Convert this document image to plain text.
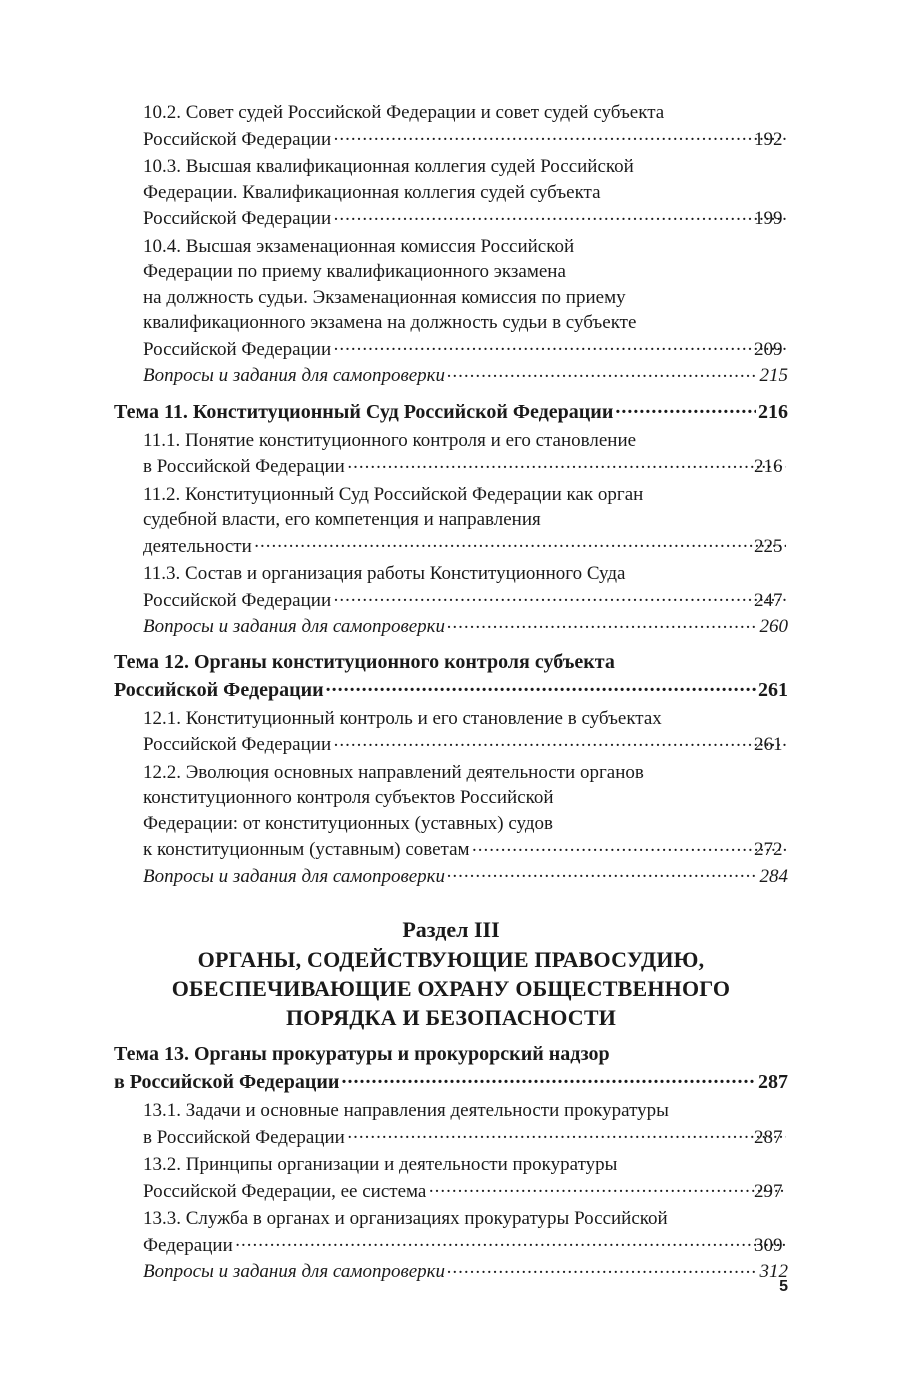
10.2. Совет судей Российской Федерации и совет судей субъекта
Российской Федерации .....	192
10.3. Высшая квалификационная коллегия судей Российской
Федерации. Квалификационная коллегия судей субъекта
Российской Федерации .....	199
10.4. Высшая экзаменационная комиссия Российской
Федерации по приему квалификационного экзамена
на должность судьи. Экзаменационная комиссия по приему
квалификационного экзамена на должность судьи в субъекте
Российской Федерации .....	209
Вопросы и задания для самопроверки .....	215
Тема 11. Конституционный Суд Российской Федерации .....	216
11.1. Понятие конституционного контроля и его становление
в Российской Федерации .....	216
11.2. Конституционный Суд Российской Федерации как орган
судебной власти, его компетенция и направления
деятельности .....	225
11.3. Состав и организация работы Конституционного Суда
Российской Федерации .....	247
Вопросы и задания для самопроверки .....	260
Тема 12. Органы конституционного контроля субъекта
Российской Федерации .....	261
12.1. Конституционный контроль и его становление в субъектах
Российской Федерации .....	261
12.2. Эволюция основных направлений деятельности органов
конституционного контроля субъектов Российской
Федерации: от конституционных (уставных) судов
к конституционным (уставным) советам .....	272
Вопросы и задания для самопроверки .....	284
Раздел III
ОРГАНЫ, СОДЕЙСТВУЮЩИЕ ПРАВОСУДИЮ,
ОБЕСПЕЧИВАЮЩИЕ ОХРАНУ ОБЩЕСТВЕННОГО
ПОРЯДКА И БЕЗОПАСНОСТИ
Тема 13. Органы прокуратуры и прокурорский надзор
в Российской Федерации .....	287
13.1. Задачи и основные направления деятельности прокуратуры
в Российской Федерации .....	287
13.2. Принципы организации и деятельности прокуратуры
Российской Федерации, ее система .....	297
13.3. Служба в органах и организациях прокуратуры Российской
Федерации .....	309
Вопросы и задания для самопроверки .....	312
5
